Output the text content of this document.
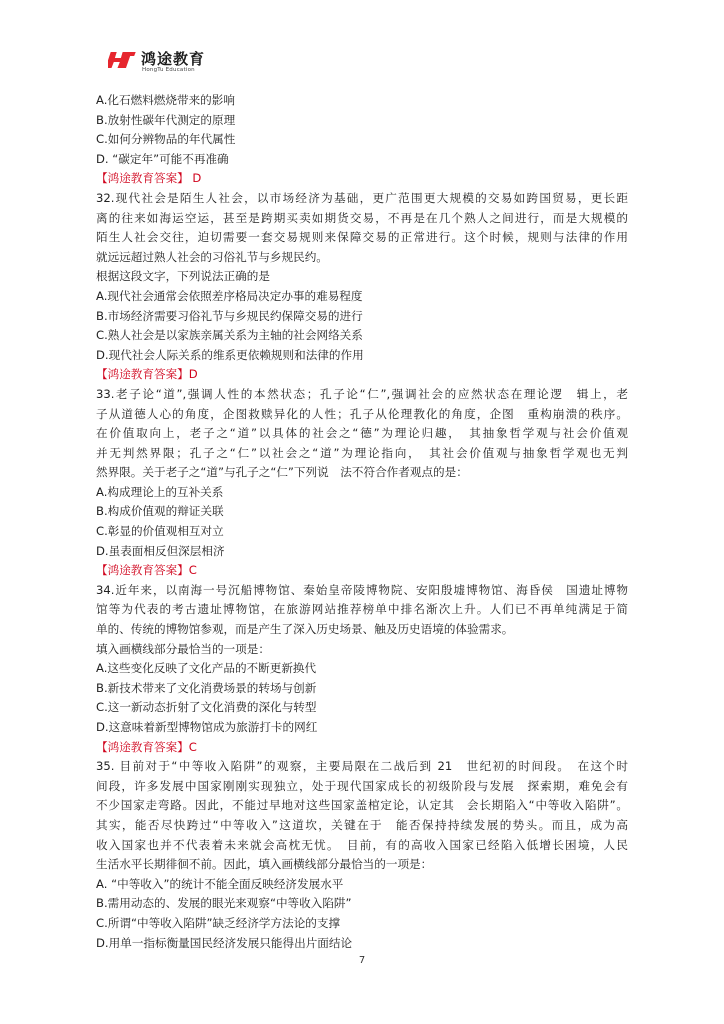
鸿途教育
HongTu Education
A.化石燃料燃烧带来的影响
B.放射性碳年代测定的原理
C.如何分辨物品的年代属性
D. “碳定年”可能不再准确
【鸿途教育答案】 D
32.现代社会是陌生人社会，以市场经济为基础，更广范围更大规模的交易如跨国贸易，更长距
离的往来如海运空运，甚至是跨期买卖如期货交易，不再是在几个熟人之间进行，而是大规模的
陌生人社会交往，迫切需要一套交易规则来保障交易的正常进行。这个时候，规则与法律的作用
就远远超过熟人社会的习俗礼节与乡规民约。
根据这段文字，下列说法正确的是
A.现代社会通常会依照差序格局决定办事的难易程度
B.市场经济需要习俗礼节与乡规民约保障交易的进行
C.熟人社会是以家族亲属关系为主轴的社会网络关系
D.现代社会人际关系的维系更依赖规则和法律的作用
【鸿途教育答案】D
33.老子论“道”,强调人性的本然状态；孔子论“仁”,强调社会的应然状态在理论逻　辑上，老
子从道德人心的角度，企图救赎异化的人性；孔子从伦理教化的角度，企图　重构崩溃的秩序。
在价值取向上，老子之“道”以具体的社会之“德”为理论归趣，　其抽象哲学观与社会价值观
并无判然界限；孔子之“仁”以社会之“道”为理论指向，　其社会价值观与抽象哲学观也无判
然界限。关于老子之“道”与孔子之“仁”下列说　法不符合作者观点的是：
A.构成理论上的互补关系
B.构成价值观的辩证关联
C.彰显的价值观相互对立
D.虽表面相反但深层相济
【鸿途教育答案】C
34.近年来，以南海一号沉船博物馆、秦始皇帝陵博物院、安阳殷墟博物馆、海昏侯　国遗址博物
馆等为代表的考古遗址博物馆，在旅游网站推荐榜单中排名渐次上升。人们已不再单纯满足于简
单的、传统的博物馆参观，而是产生了深入历史场景、触及历史语境的体验需求。
填入画横线部分最恰当的一项是：
A.这些变化反映了文化产品的不断更新换代
B.新技术带来了文化消费场景的转场与创新
C.这一新动态折射了文化消费的深化与转型
D.这意味着新型博物馆成为旅游打卡的网红
【鸿途教育答案】C
35. 目前对于“中等收入陷阱”的观察，主要局限在二战后到 21　世纪初的时间段。　在这个时
间段，许多发展中国家刚刚实现独立，处于现代国家成长的初级阶段与发展　探索期，难免会有
不少国家走弯路。因此，不能过早地对这些国家盖棺定论，认定其　会长期陷入“中等收入陷阱”。
其实，能否尽快跨过“中等收入”这道坎，关键在于　能否保持持续发展的势头。而且，成为高
收入国家也并不代表着未来就会高枕无忧。　目前，有的高收入国家已经陷入低增长困境，人民
生活水平长期徘徊不前。因此，填入画横线部分最恰当的一项是：
A. “中等收入”的统计不能全面反映经济发展水平
B.需用动态的、发展的眼光来观察“中等收入陷阱”
C.所谓“中等收入陷阱”缺乏经济学方法论的支撑
D.用单一指标衡量国民经济发展只能得出片面结论
7
